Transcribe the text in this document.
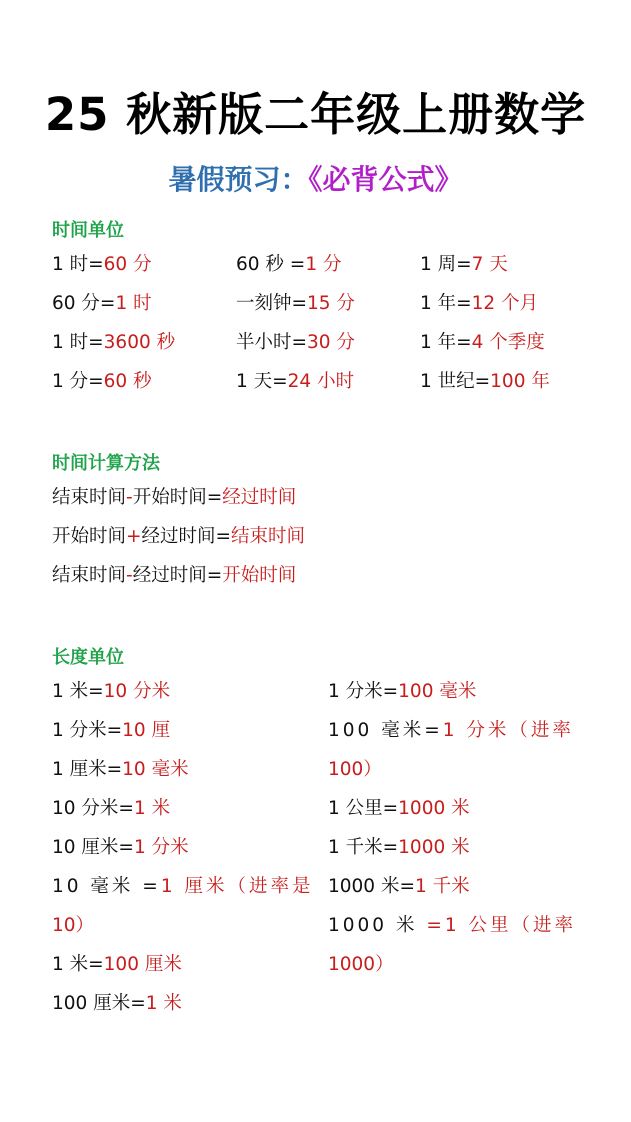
25 秋新版二年级上册数学
暑假预习：《必背公式》
时间单位
1 时=60 分
60 分=1 时
1 时=3600 秒
1 分=60 秒
60 秒 =1 分
一刻钟=15 分
半小时=30 分
1 天=24 小时
1 周=7 天
1 年=12 个月
1 年=4 个季度
1 世纪=100 年
时间计算方法
结束时间-开始时间=经过时间
开始时间+经过时间=结束时间
结束时间-经过时间=开始时间
长度单位
1 米=10 分米
1 分米=10 厘
1 厘米=10 毫米
10 分米=1 米
10 厘米=1 分米
10 毫米 =1 厘米（进率是
10）
1 米=100 厘米
100 厘米=1 米
1 分米=100 毫米
100 毫米=1 分米（进率
100）
1 公里=1000 米
1 千米=1000 米
1000 米=1 千米
1000 米 =1 公里（进率
1000）
